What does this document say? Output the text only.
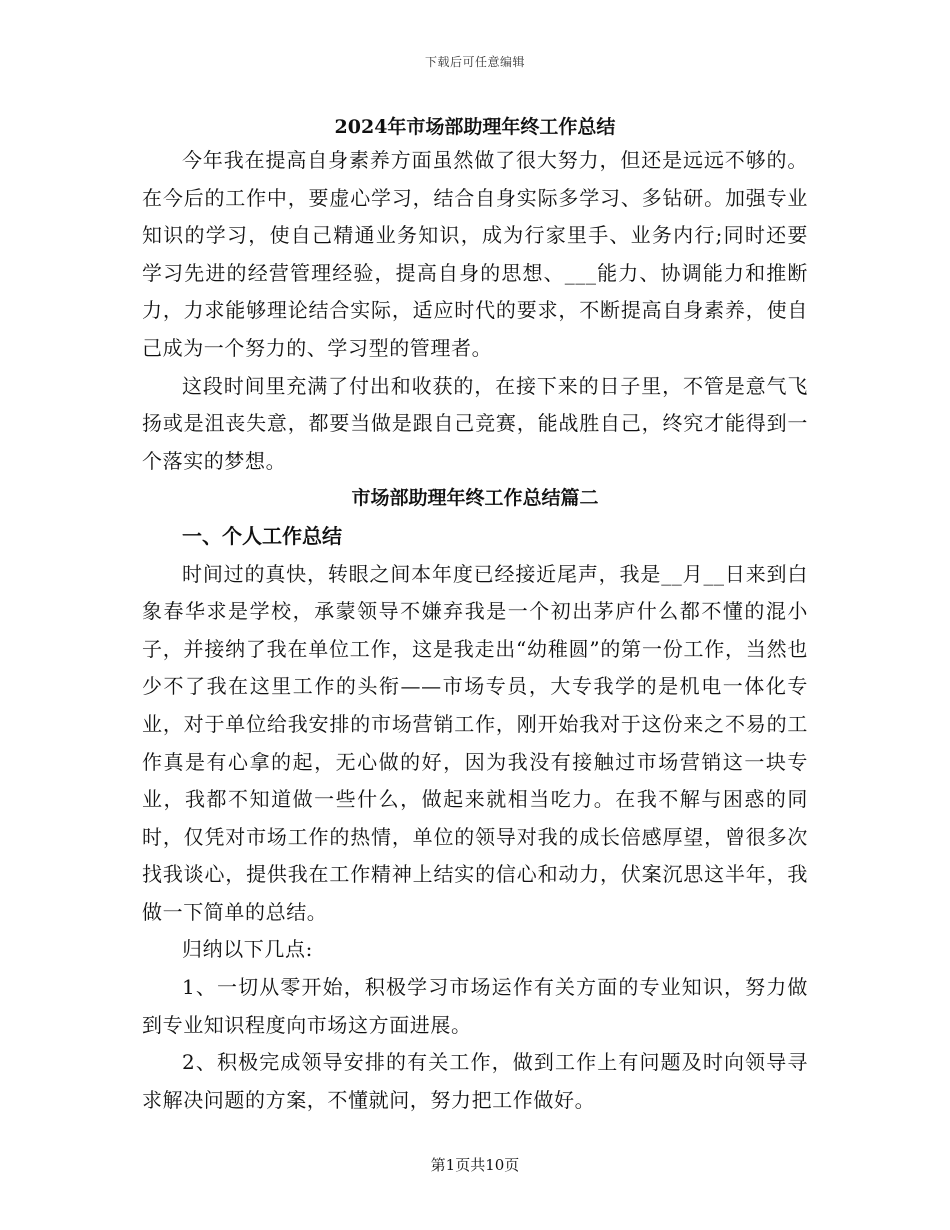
下载后可任意编辑
2024年市场部助理年终工作总结

今年我在提高自身素养方面虽然做了很大努力，但还是远远不够的。在今后的工作中，要虚心学习，结合自身实际多学习、多钻研。加强专业知识的学习，使自己精通业务知识，成为行家里手、业务内行;同时还要学习先进的经营管理经验，提高自身的思想、___能力、协调能力和推断力，力求能够理论结合实际，适应时代的要求，不断提高自身素养，使自己成为一个努力的、学习型的管理者。

这段时间里充满了付出和收获的，在接下来的日子里，不管是意气飞扬或是沮丧失意，都要当做是跟自己竞赛，能战胜自己，终究才能得到一个落实的梦想。

市场部助理年终工作总结篇二
一、个人工作总结

时间过的真快，转眼之间本年度已经接近尾声，我是__月__日来到白象春华求是学校，承蒙领导不嫌弃我是一个初出茅庐什么都不懂的混小子，并接纳了我在单位工作，这是我走出“幼稚圆”的第一份工作，当然也少不了我在这里工作的头衔——市场专员，大专我学的是机电一体化专业，对于单位给我安排的市场营销工作，刚开始我对于这份来之不易的工作真是有心拿的起，无心做的好，因为我没有接触过市场营销这一块专业，我都不知道做一些什么，做起来就相当吃力。在我不解与困惑的同时，仅凭对市场工作的热情，单位的领导对我的成长倍感厚望，曾很多次找我谈心，提供我在工作精神上结实的信心和动力，伏案沉思这半年，我做一下简单的总结。

归纳以下几点:

1、一切从零开始，积极学习市场运作有关方面的专业知识，努力做到专业知识程度向市场这方面进展。

2、积极完成领导安排的有关工作，做到工作上有问题及时向领导寻求解决问题的方案，不懂就问，努力把工作做好。

第1页共10页
